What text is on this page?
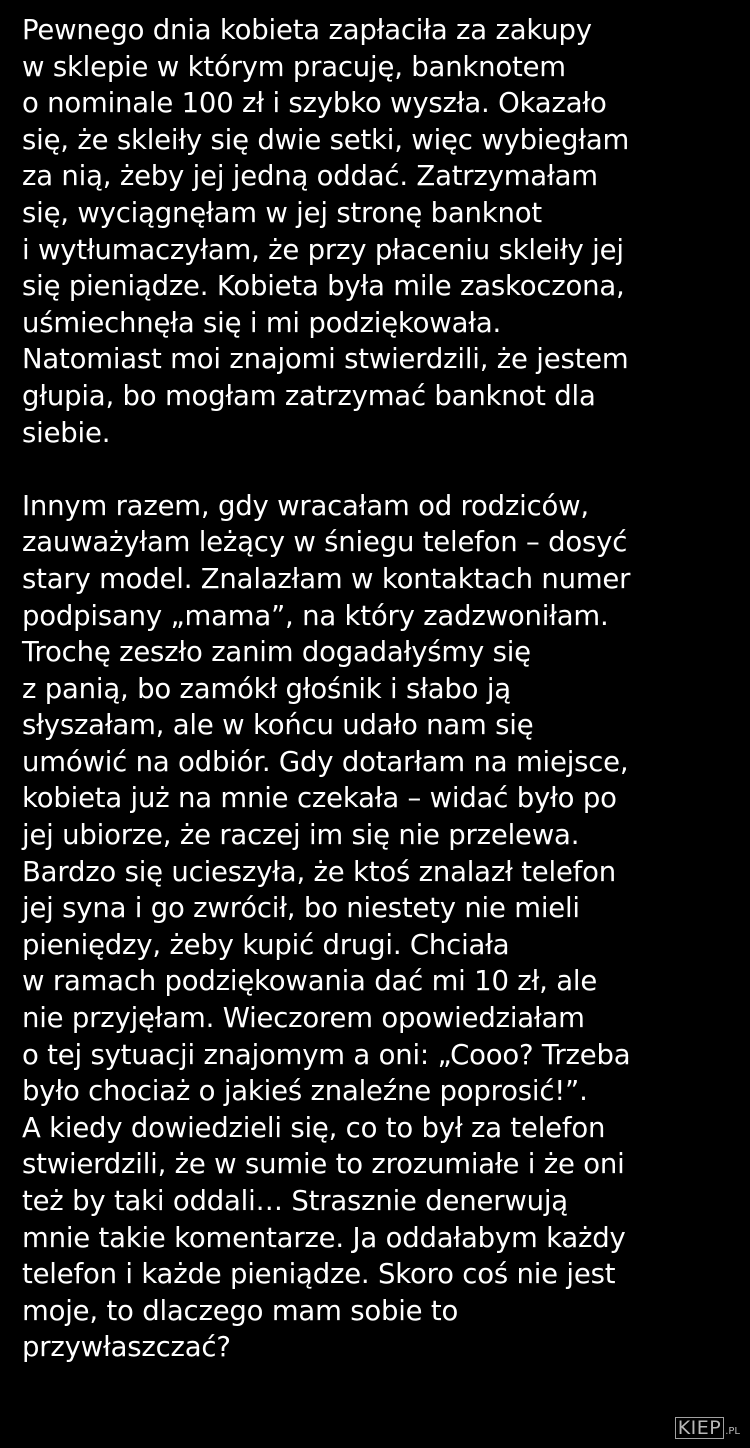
Pewnego dnia kobieta zapłaciła za zakupy
w sklepie w którym pracuję, banknotem
o nominale 100 zł i szybko wyszła. Okazało
się, że skleiły się dwie setki, więc wybiegłam
za nią, żeby jej jedną oddać. Zatrzymałam
się, wyciągnęłam w jej stronę banknot
i wytłumaczyłam, że przy płaceniu skleiły jej
się pieniądze. Kobieta była mile zaskoczona,
uśmiechnęła się i mi podziękowała.
Natomiast moi znajomi stwierdzili, że jestem
głupia, bo mogłam zatrzymać banknot dla
siebie.

Innym razem, gdy wracałam od rodziców,
zauważyłam leżący w śniegu telefon – dosyć
stary model. Znalazłam w kontaktach numer
podpisany „mama”, na który zadzwoniłam.
Trochę zeszło zanim dogadałyśmy się
z panią, bo zamókł głośnik i słabo ją
słyszałam, ale w końcu udało nam się
umówić na odbiór. Gdy dotarłam na miejsce,
kobieta już na mnie czekała – widać było po
jej ubiorze, że raczej im się nie przelewa.
Bardzo się ucieszyła, że ktoś znalazł telefon
jej syna i go zwrócił, bo niestety nie mieli
pieniędzy, żeby kupić drugi. Chciała
w ramach podziękowania dać mi 10 zł, ale
nie przyjęłam. Wieczorem opowiedziałam
o tej sytuacji znajomym a oni: „Cooo? Trzeba
było chociaż o jakieś znaleźne poprosić!”.
A kiedy dowiedzieli się, co to był za telefon
stwierdzili, że w sumie to zrozumiałe i że oni
też by taki oddali… Strasznie denerwują
mnie takie komentarze. Ja oddałabym każdy
telefon i każde pieniądze. Skoro coś nie jest
moje, to dlaczego mam sobie to
przywłaszczać?

KIEP .PL
